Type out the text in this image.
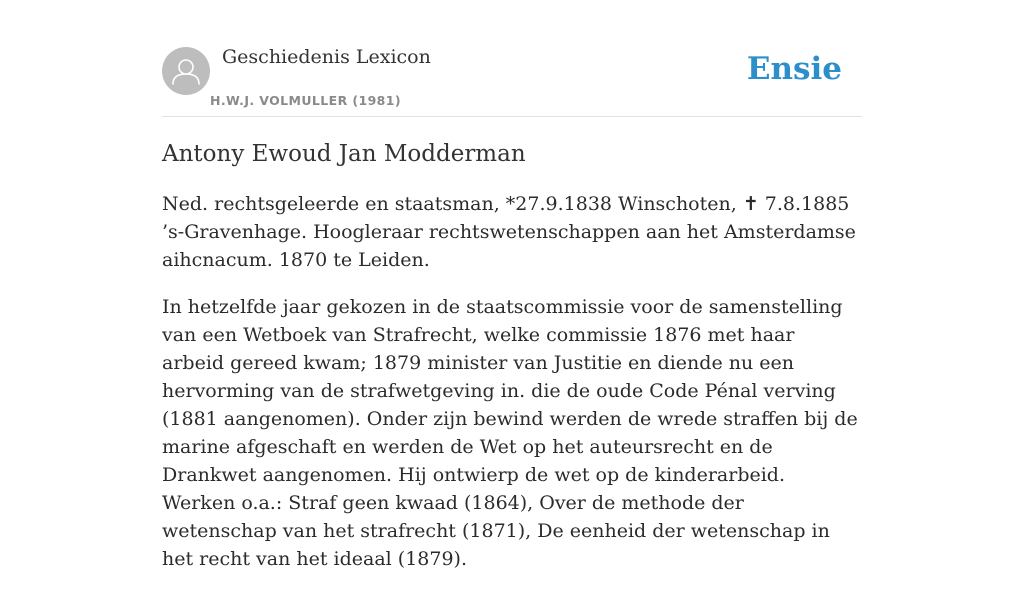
Geschiedenis Lexicon
H.W.J. VOLMULLER (1981)
Ensie
Antony Ewoud Jan Modderman

Ned. rechtsgeleerde en staatsman, *27.9.1838 Winschoten, ✝ 7.8.1885 ’s-Gravenhage. Hoogleraar rechtswetenschappen aan het Amsterdamse aihcnacum. 1870 te Leiden.

In hetzelfde jaar gekozen in de staatscommissie voor de samenstelling van een Wetboek van Strafrecht, welke commissie 1876 met haar arbeid gereed kwam; 1879 minister van Justitie en diende nu een hervorming van de strafwetgeving in. die de oude Code Pénal verving (1881 aangenomen). Onder zijn bewind werden de wrede straffen bij de marine afgeschaft en werden de Wet op het auteursrecht en de Drankwet aangenomen. Hij ontwierp de wet op de kinderarbeid. Werken o.a.: Straf geen kwaad (1864), Over de methode der wetenschap van het strafrecht (1871), De eenheid der wetenschap in het recht van het ideaal (1879).
